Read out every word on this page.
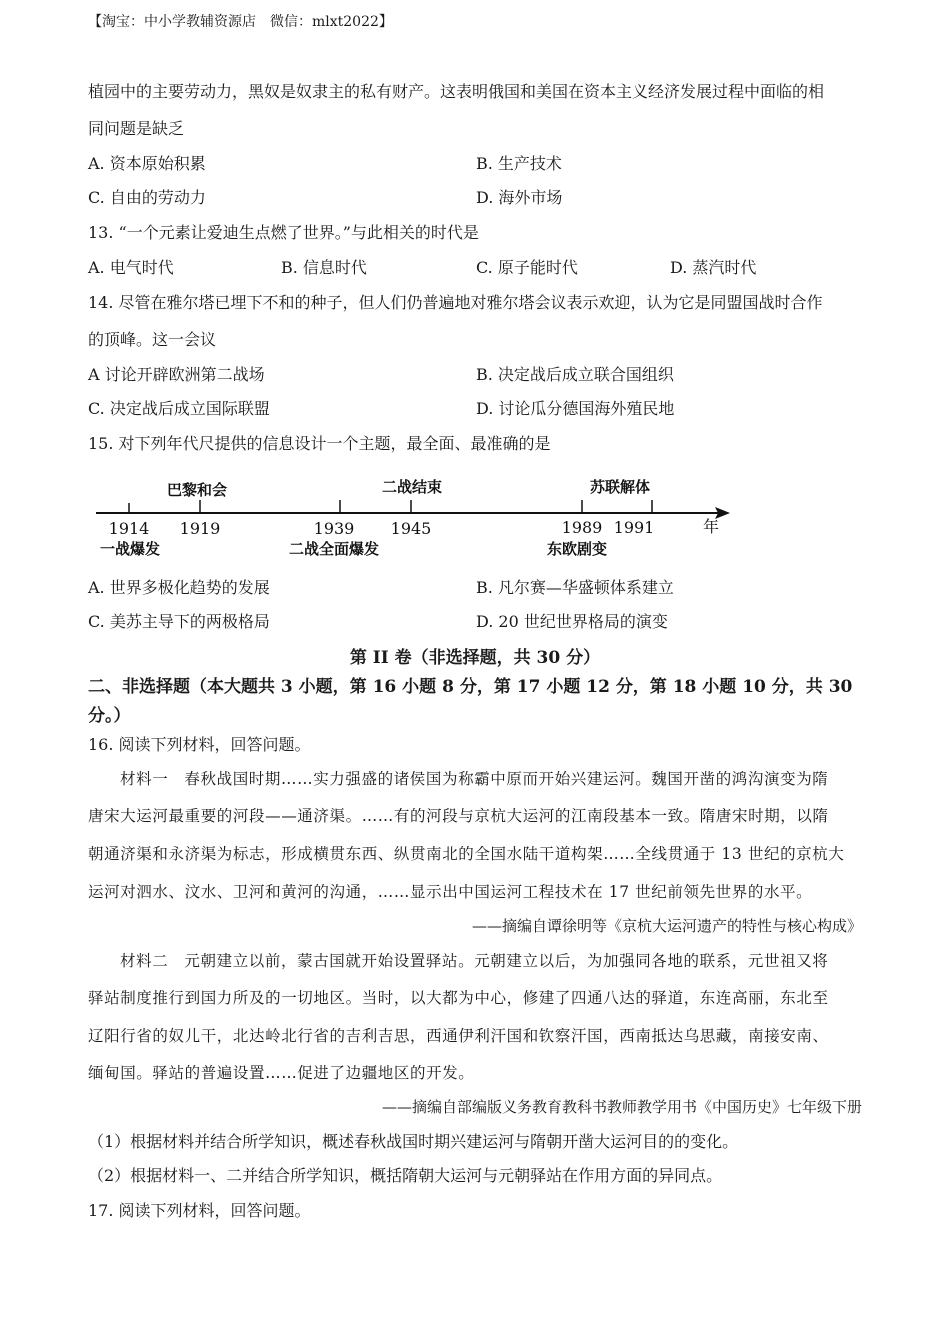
【淘宝：中小学教辅资源店　微信：mlxt2022】
植园中的主要劳动力，黑奴是奴隶主的私有财产。这表明俄国和美国在资本主义经济发展过程中面临的相
同问题是缺乏
A. 资本原始积累	B. 生产技术
C. 自由的劳动力	D. 海外市场
13. “一个元素让爱迪生点燃了世界。”与此相关的时代是
A. 电气时代	B. 信息时代	C. 原子能时代	D. 蒸汽时代
14. 尽管在雅尔塔已埋下不和的种子，但人们仍普遍地对雅尔塔会议表示欢迎，认为它是同盟国战时合作
的顶峰。这一会议
A 讨论开辟欧洲第二战场	B. 决定战后成立联合国组织
C. 决定战后成立国际联盟	D. 讨论瓜分德国海外殖民地
15. 对下列年代尺提供的信息设计一个主题，最全面、最准确的是
巴黎和会	二战结束	苏联解体
1914 1919	1939 1945	1989 1991	年
一战爆发	二战全面爆发	东欧剧变
A. 世界多极化趋势的发展	B. 凡尔赛—华盛顿体系建立
C. 美苏主导下的两极格局	D. 20 世纪世界格局的演变
第 II 卷（非选择题，共 30 分）
二、非选择题（本大题共 3 小题，第 16 小题 8 分，第 17 小题 12 分，第 18 小题 10 分，共 30
分。）
16. 阅读下列材料，回答问题。
材料一　春秋战国时期……实力强盛的诸侯国为称霸中原而开始兴建运河。魏国开凿的鸿沟演变为隋
唐宋大运河最重要的河段——通济渠。……有的河段与京杭大运河的江南段基本一致。隋唐宋时期，以隋
朝通济渠和永济渠为标志，形成横贯东西、纵贯南北的全国水陆干道构架……全线贯通于 13 世纪的京杭大
运河对泗水、汶水、卫河和黄河的沟通，……显示出中国运河工程技术在 17 世纪前领先世界的水平。
——摘编自谭徐明等《京杭大运河遗产的特性与核心构成》
材料二　元朝建立以前，蒙古国就开始设置驿站。元朝建立以后，为加强同各地的联系，元世祖又将
驿站制度推行到国力所及的一切地区。当时，以大都为中心，修建了四通八达的驿道，东连高丽，东北至
辽阳行省的奴儿干，北达岭北行省的吉利吉思，西通伊利汗国和钦察汗国，西南抵达乌思藏，南接安南、
缅甸国。驿站的普遍设置……促进了边疆地区的开发。
——摘编自部编版义务教育教科书教师教学用书《中国历史》七年级下册
（1）根据材料并结合所学知识，概述春秋战国时期兴建运河与隋朝开凿大运河目的的变化。
（2）根据材料一、二并结合所学知识，概括隋朝大运河与元朝驿站在作用方面的异同点。
17. 阅读下列材料，回答问题。
